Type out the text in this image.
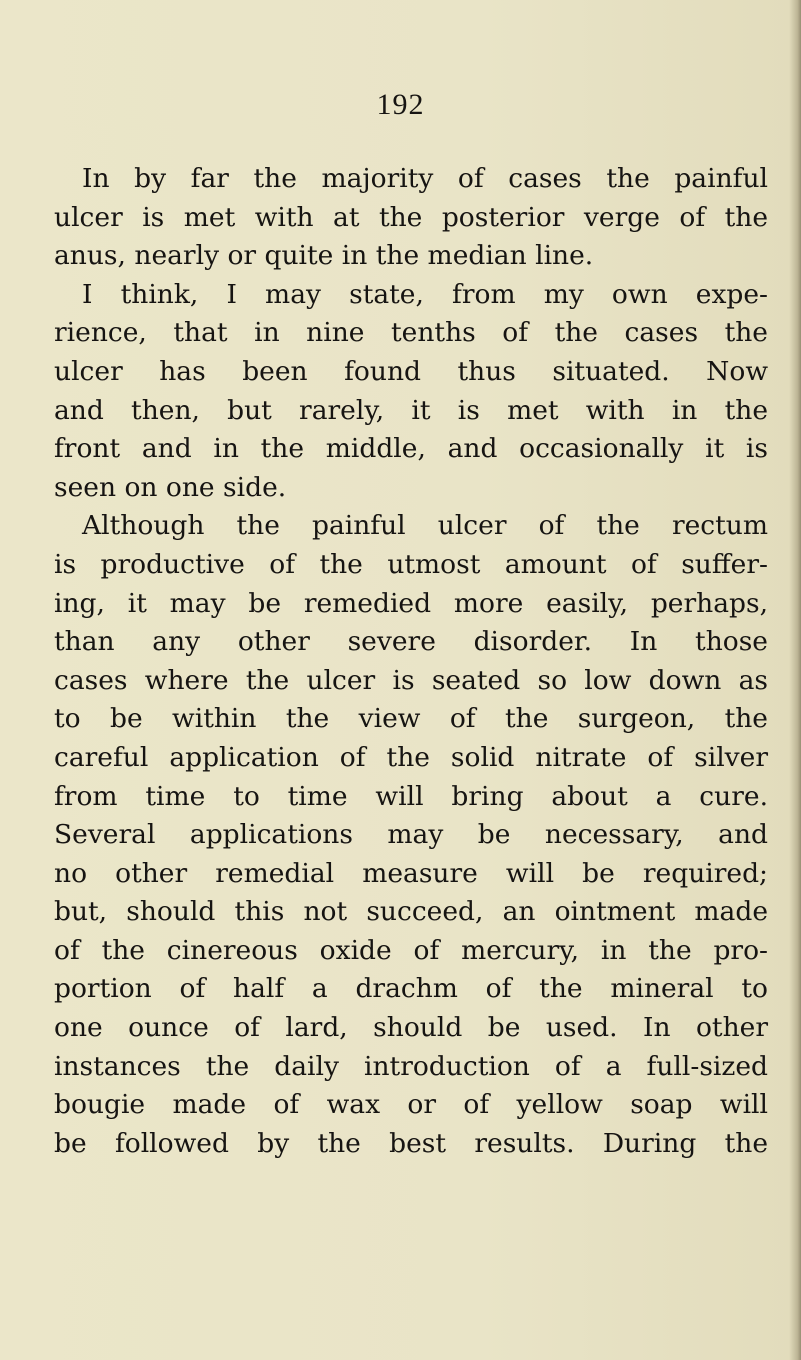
192
In by far the majority of cases the painful
ulcer is met with at the posterior verge of the
anus, nearly or quite in the median line.
I think, I may state, from my own expe-
rience, that in nine tenths of the cases the
ulcer has been found thus situated. Now
and then, but rarely, it is met with in the
front and in the middle, and occasionally it is
seen on one side.
Although the painful ulcer of the rectum
is productive of the utmost amount of suffer-
ing, it may be remedied more easily, perhaps,
than any other severe disorder. In those
cases where the ulcer is seated so low down as
to be within the view of the surgeon, the
careful application of the solid nitrate of silver
from time to time will bring about a cure.
Several applications may be necessary, and
no other remedial measure will be required;
but, should this not succeed, an ointment made
of the cinereous oxide of mercury, in the pro-
portion of half a drachm of the mineral to
one ounce of lard, should be used. In other
instances the daily introduction of a full-sized
bougie made of wax or of yellow soap will
be followed by the best results. During the
